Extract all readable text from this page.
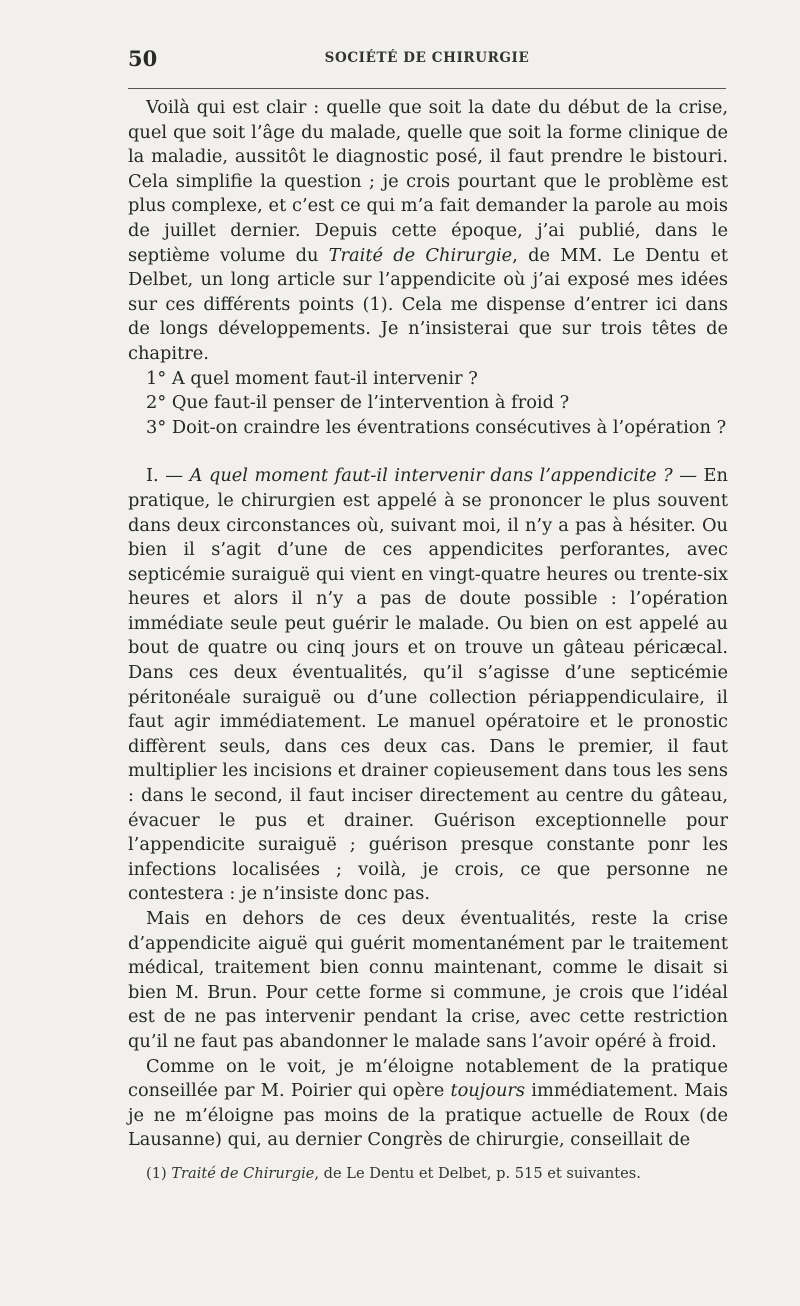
50	SOCIÉTÉ DE CHIRURGIE

Voilà qui est clair : quelle que soit la date du début de la crise, quel que soit l’âge du malade, quelle que soit la forme clinique de la maladie, aussitôt le diagnostic posé, il faut prendre le bistouri. Cela simplifie la question ; je crois pourtant que le problème est plus complexe, et c’est ce qui m’a fait demander la parole au mois de juillet dernier. Depuis cette époque, j’ai publié, dans le septième volume du Traité de Chirurgie, de MM. Le Dentu et Delbet, un long article sur l’appendicite où j’ai exposé mes idées sur ces différents points (1). Cela me dispense d’entrer ici dans de longs développements. Je n’insisterai que sur trois têtes de chapitre.

1° A quel moment faut-il intervenir ?

2° Que faut-il penser de l’intervention à froid ?

3° Doit-on craindre les éventrations consécutives à l’opération ?

I. — A quel moment faut-il intervenir dans l’appendicite ? — En pratique, le chirurgien est appelé à se prononcer le plus souvent dans deux circonstances où, suivant moi, il n’y a pas à hésiter. Ou bien il s’agit d’une de ces appendicites perforantes, avec septicémie suraiguë qui vient en vingt-quatre heures ou trente-six heures et alors il n’y a pas de doute possible : l’opération immédiate seule peut guérir le malade. Ou bien on est appelé au bout de quatre ou cinq jours et on trouve un gâteau péricæcal. Dans ces deux éventualités, qu’il s’agisse d’une septicémie péritonéale suraiguë ou d’une collection périappendiculaire, il faut agir immédiatement. Le manuel opératoire et le pronostic diffèrent seuls, dans ces deux cas. Dans le premier, il faut multiplier les incisions et drainer copieusement dans tous les sens : dans le second, il faut inciser directement au centre du gâteau, évacuer le pus et drainer. Guérison exceptionnelle pour l’appendicite suraiguë ; guérison presque constante ponr les infections localisées ; voilà, je crois, ce que personne ne contestera : je n’insiste donc pas.

Mais en dehors de ces deux éventualités, reste la crise d’appendicite aiguë qui guérit momentanément par le traitement médical, traitement bien connu maintenant, comme le disait si bien M. Brun. Pour cette forme si commune, je crois que l’idéal est de ne pas intervenir pendant la crise, avec cette restriction qu’il ne faut pas abandonner le malade sans l’avoir opéré à froid.

Comme on le voit, je m’éloigne notablement de la pratique conseillée par M. Poirier qui opère toujours immédiatement. Mais je ne m’éloigne pas moins de la pratique actuelle de Roux (de Lausanne) qui, au dernier Congrès de chirurgie, conseillait de

(1) Traité de Chirurgie, de Le Dentu et Delbet, p. 515 et suivantes.
